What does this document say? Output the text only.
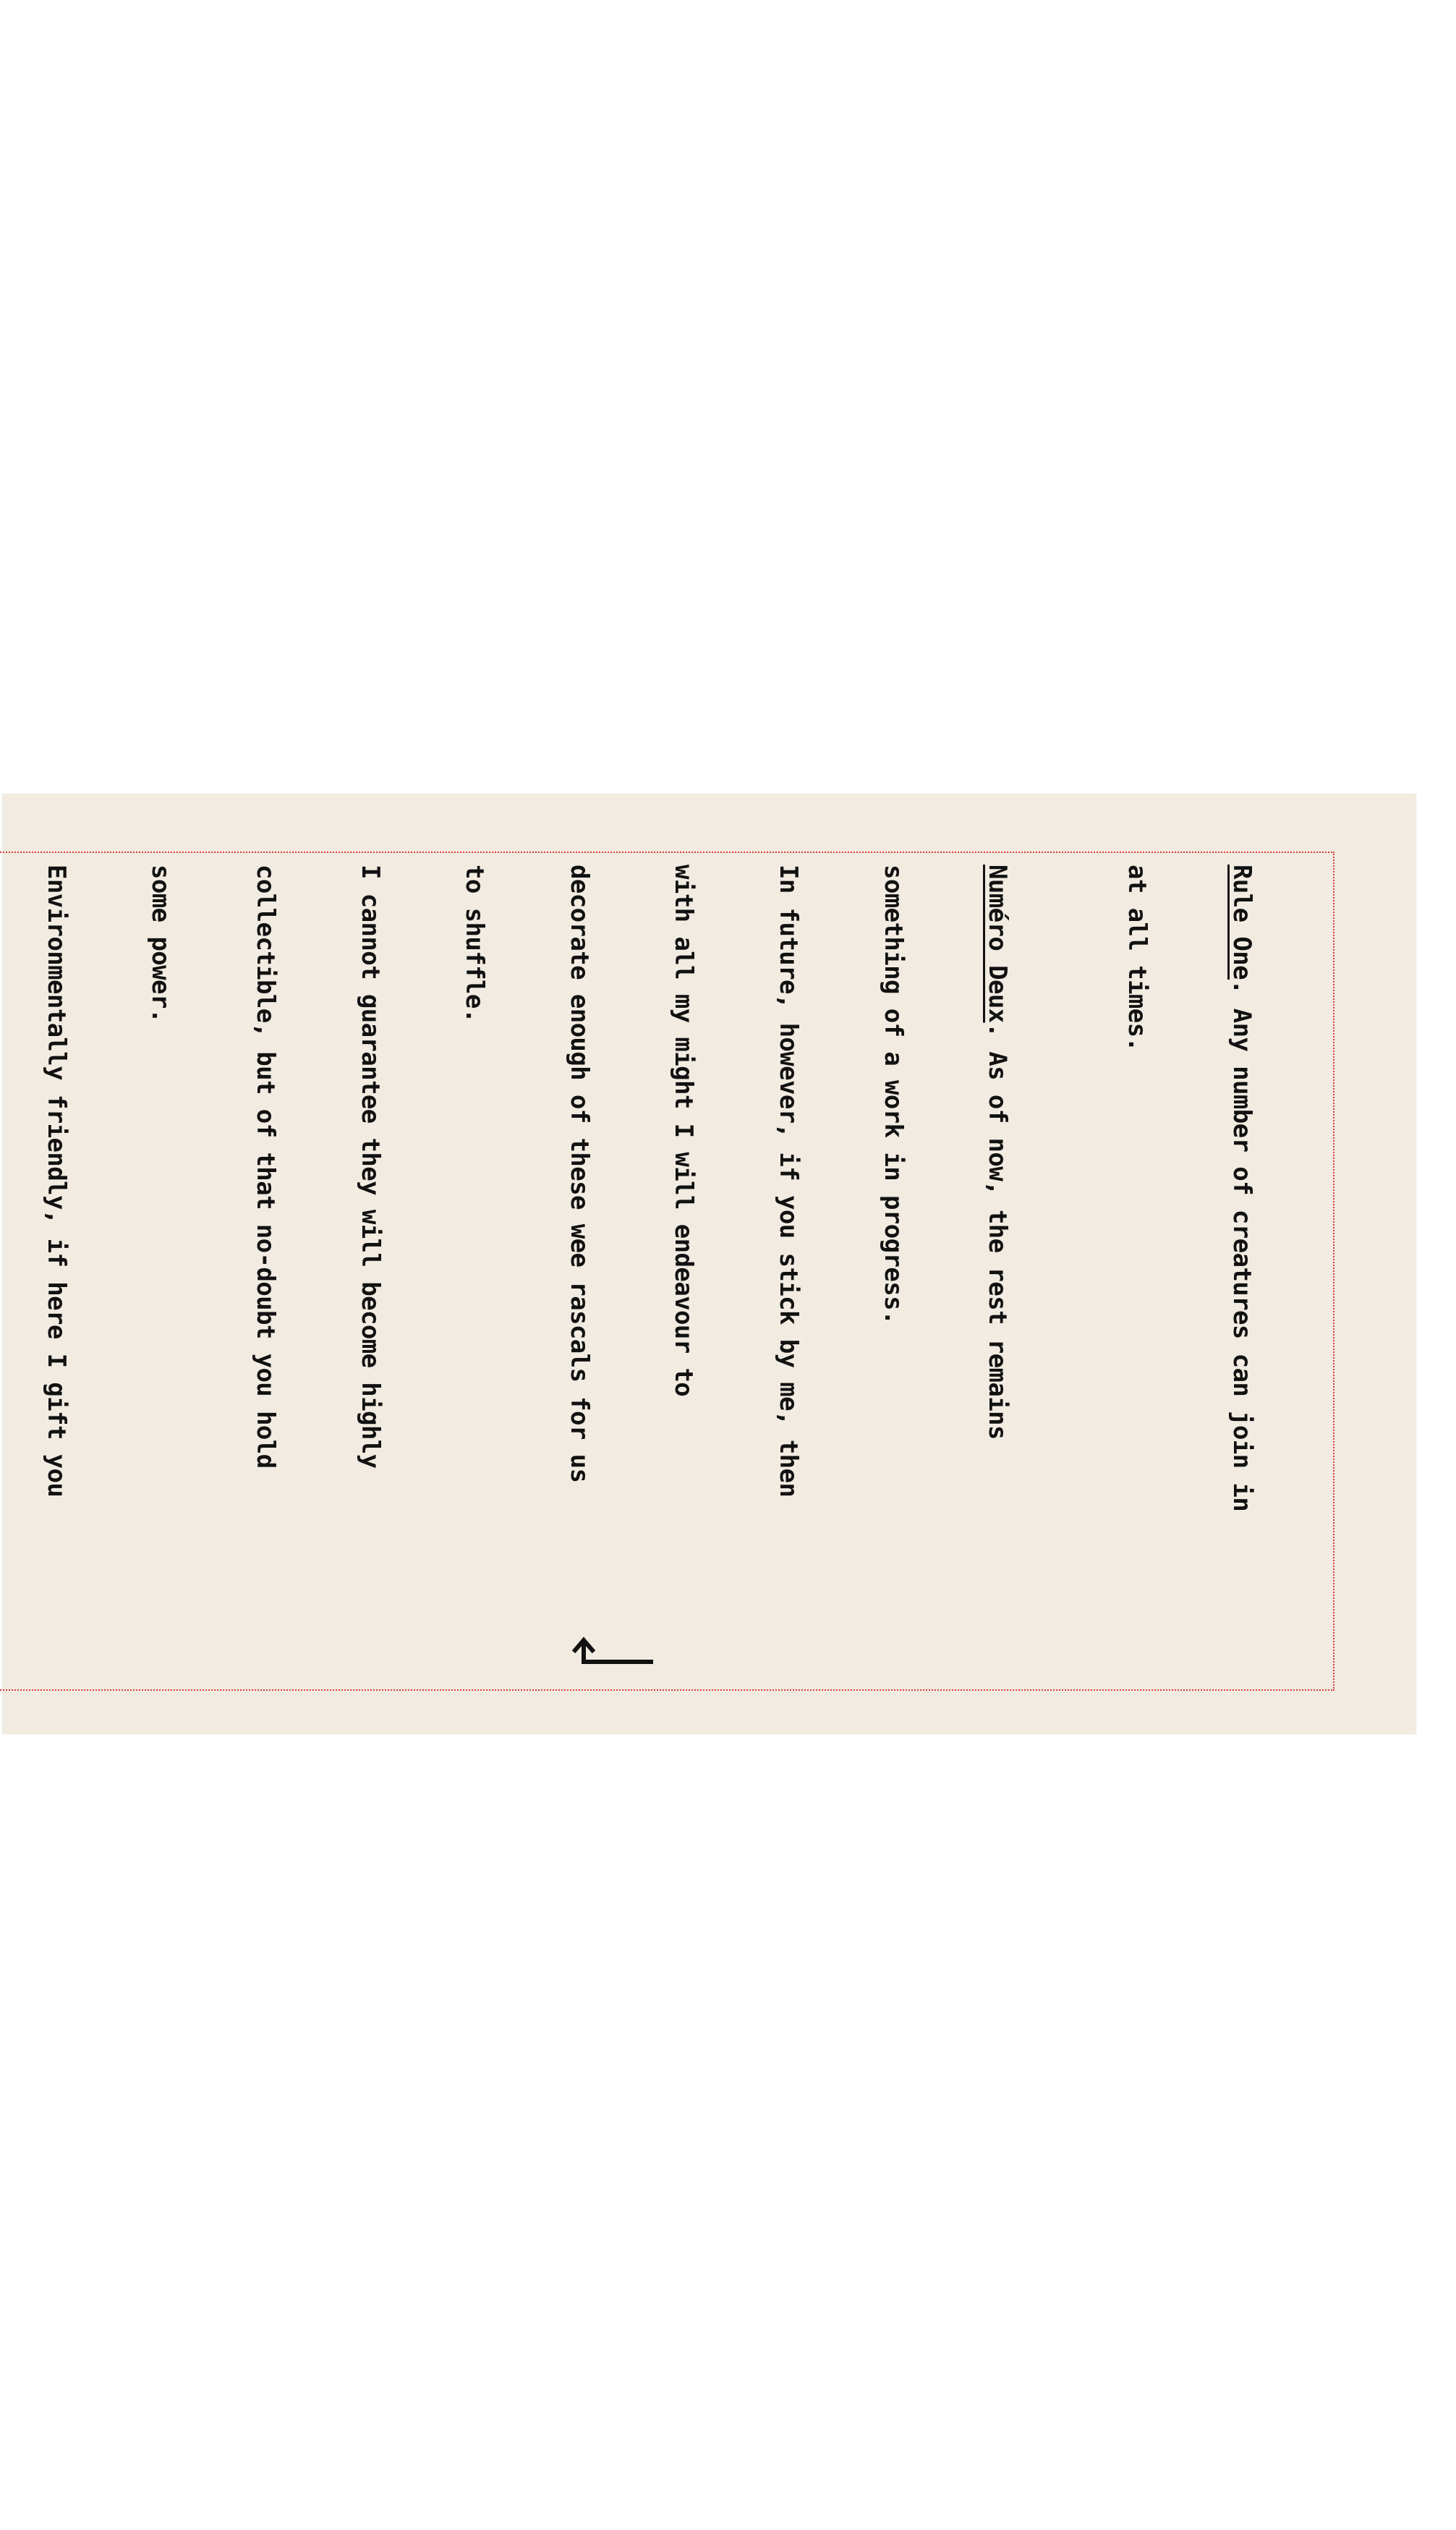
Rule One. Any number of creatures can join in

at all times.

Numéro Deux. As of now, the rest remains

something of a work in progress.

In future, however, if you stick by me, then

with all my might I will endeavour to

decorate enough of these wee rascals for us

to shuffle.

I cannot guarantee they will become highly

collectible, but of that no-doubt you hold

some power.

Environmentally friendly, if here I gift you
